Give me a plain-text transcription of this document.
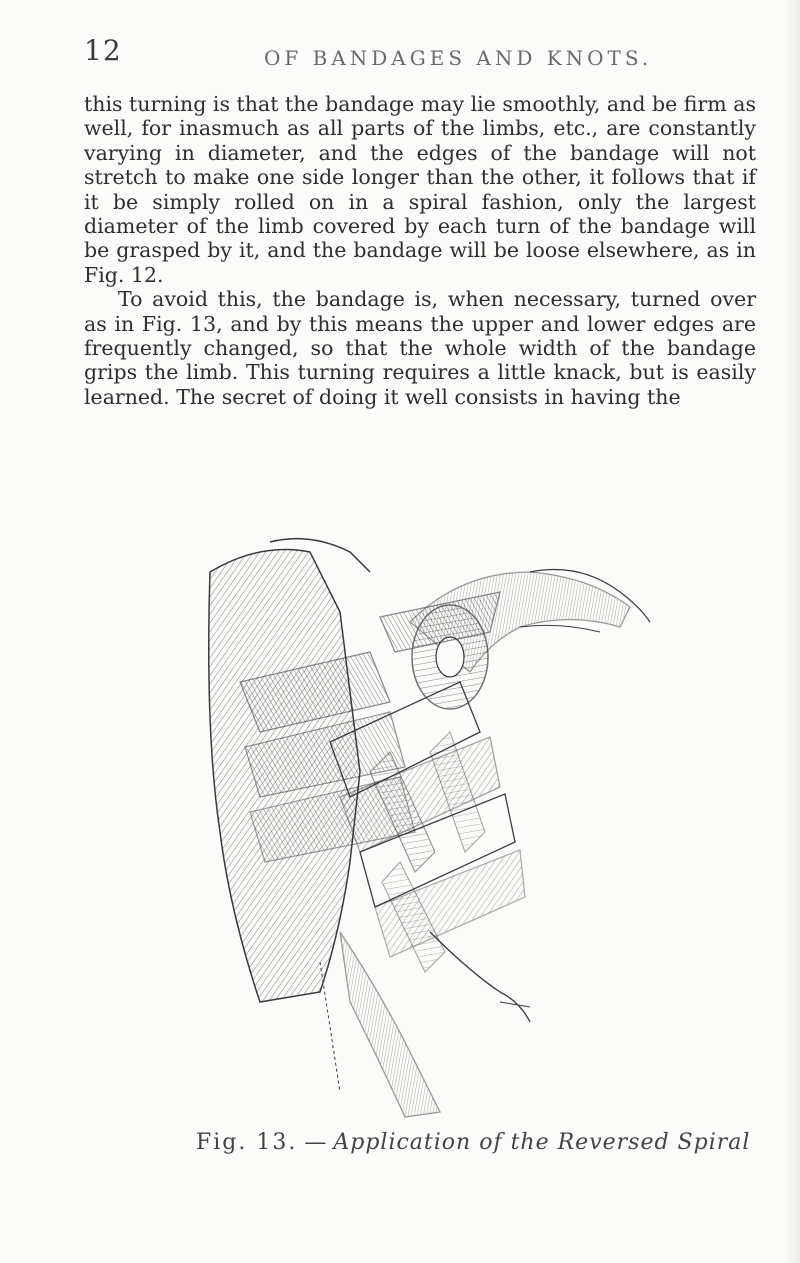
12	OF BANDAGES AND KNOTS.

this turning is that the bandage may lie smoothly, and be firm as well, for inasmuch as all parts of the limbs, etc., are constantly varying in diameter, and the edges of the bandage will not stretch to make one side longer than the other, it follows that if it be simply rolled on in a spiral fashion, only the largest diameter of the limb covered by each turn of the bandage will be grasped by it, and the bandage will be loose elsewhere, as in Fig. 12.

To avoid this, the bandage is, when necessary, turned over as in Fig. 13, and by this means the upper and lower edges are frequently changed, so that the whole width of the bandage grips the limb. This turning requires a little knack, but is easily learned. The secret of doing it well consists in having the

Fig. 13. — Application of the Reversed Spiral
